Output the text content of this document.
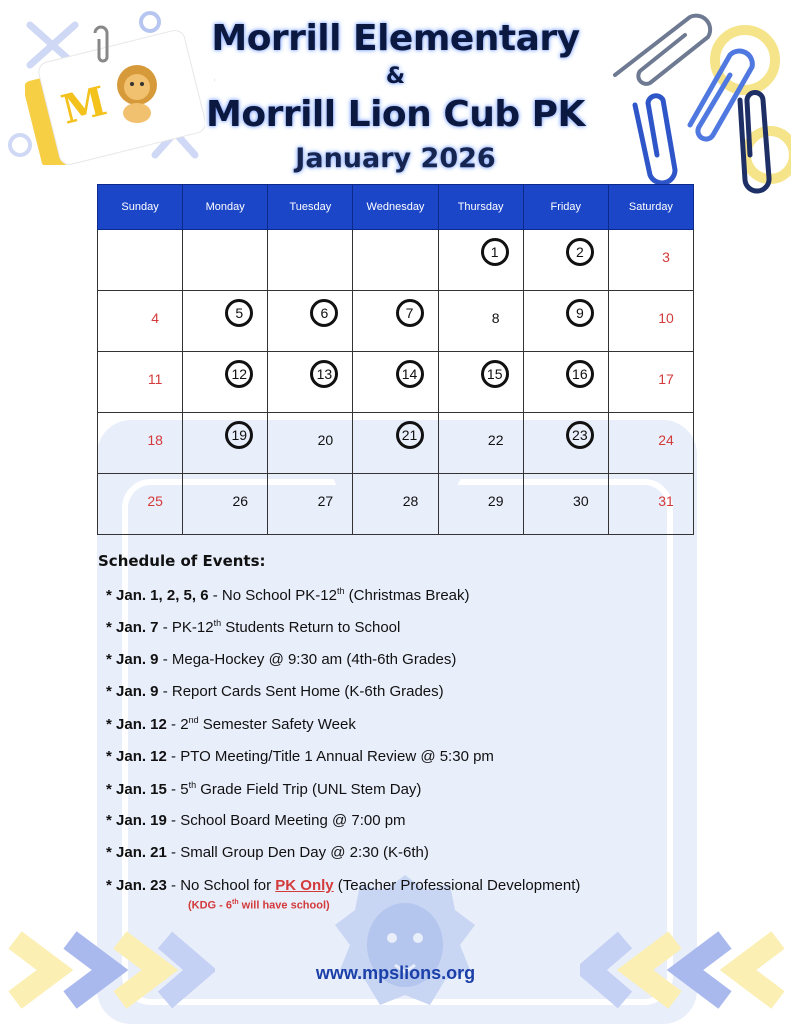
M
Morrill Elementary
&
Morrill Lion Cub PK
January 2026
Sunday	Monday	Tuesday	Wednesday	Thursday	Friday	Saturday

				1	2	3

4	5	6	7	8	9	10

11	12	13	14	15	16	17

18	19	20	21	22	23	24

25	26	27	28	29	30	31
Schedule of Events:
* Jan. 1, 2, 5, 6 - No School PK-12th (Christmas Break)
* Jan. 7 - PK-12th Students Return to School
* Jan. 9 - Mega-Hockey @ 9:30 am (4th-6th Grades)
* Jan. 9 - Report Cards Sent Home (K-6th Grades)
* Jan. 12 - 2nd Semester Safety Week
* Jan. 12 - PTO Meeting/Title 1 Annual Review @ 5:30 pm
* Jan. 15 - 5th Grade Field Trip (UNL Stem Day)
* Jan. 19 - School Board Meeting @ 7:00 pm
* Jan. 21 - Small Group Den Day @ 2:30 (K-6th)
* Jan. 23 - No School for PK Only (Teacher Professional Development)
(KDG - 6th will have school)
www.mpslions.org
